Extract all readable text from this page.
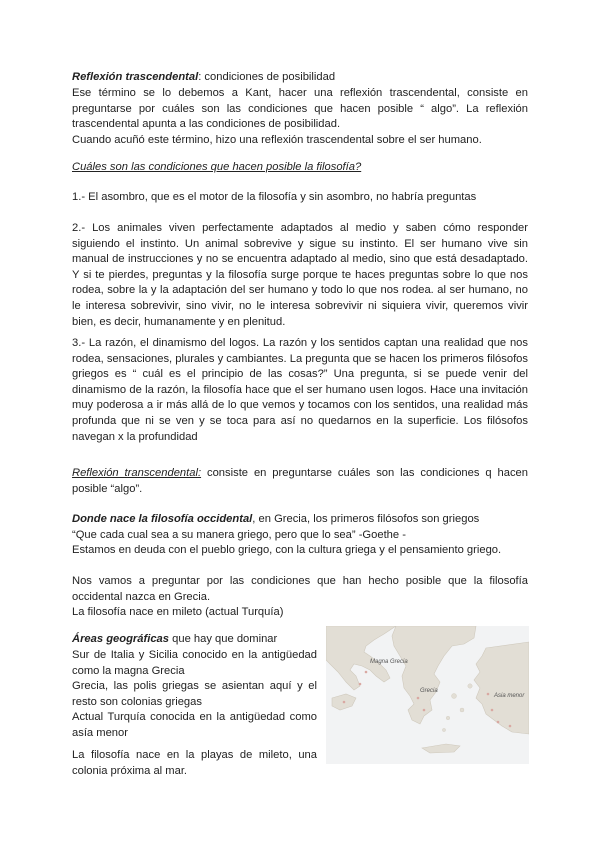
Reflexión trascendental: condiciones de posibilidad

Ese término se lo debemos a Kant, hacer una reflexión trascendental, consiste en preguntarse por cuáles son las condiciones que hacen posible “ algo”. La reflexión trascendental apunta a las condiciones de posibilidad.

Cuando acuñó este término, hizo una reflexión trascendental sobre el ser humano.

Cuáles son las condiciones que hacen posible la filosofía?

1.- El asombro, que es el motor de la filosofía y sin asombro, no habría preguntas

2.- Los animales viven perfectamente adaptados al medio y saben cómo responder siguiendo el instinto. Un animal sobrevive y sigue su instinto. El ser humano vive sin manual de instrucciones y no se encuentra adaptado al medio, sino que está desadaptado. Y si te pierdes, preguntas y la filosofía surge porque te haces preguntas sobre lo que nos rodea, sobre la y la adaptación del ser humano y todo lo que nos rodea. al ser humano, no le interesa sobrevivir, sino vivir, no le interesa sobrevivir ni siquiera vivir, queremos vivir bien, es decir, humanamente y en plenitud.

3.- La razón, el dinamismo del logos. La razón y los sentidos captan una realidad que nos rodea, sensaciones, plurales y cambiantes. La pregunta que se hacen los primeros filósofos griegos es “ cuál es el principio de las cosas?” Una pregunta, si se puede venir del dinamismo de la razón, la filosofía hace que el ser humano usen logos. Hace una invitación muy poderosa a ir más allá de lo que vemos y tocamos con los sentidos, una realidad más profunda que ni se ven y se toca para así no quedarnos en la superficie. Los filósofos navegan x la profundidad

Reflexión transcendental: consiste en preguntarse cuáles son las condiciones q hacen posible “algo”.

Donde nace la filosofía occidental, en Grecia, los primeros filósofos son griegos

“Que cada cual sea a su manera griego, pero que lo sea” -Goethe -

Estamos en deuda con el pueblo griego, con la cultura griega y el pensamiento griego.

Nos vamos a preguntar por las condiciones que han hecho posible que la filosofía occidental nazca en Grecia.

La filosofía nace en mileto (actual Turquía)

Áreas geográficas que hay que dominar

Sur de Italia y Sicilia conocido en la antigüedad como la magna Grecia

Grecia, las polis griegas se asientan aquí y el resto son colonias griegas

Actual Turquía conocida en la antigüedad como asía menor

La filosofía nace en la playas de mileto, una colonia próxima al mar.

Magna Grecia
Grecia
Asia menor
